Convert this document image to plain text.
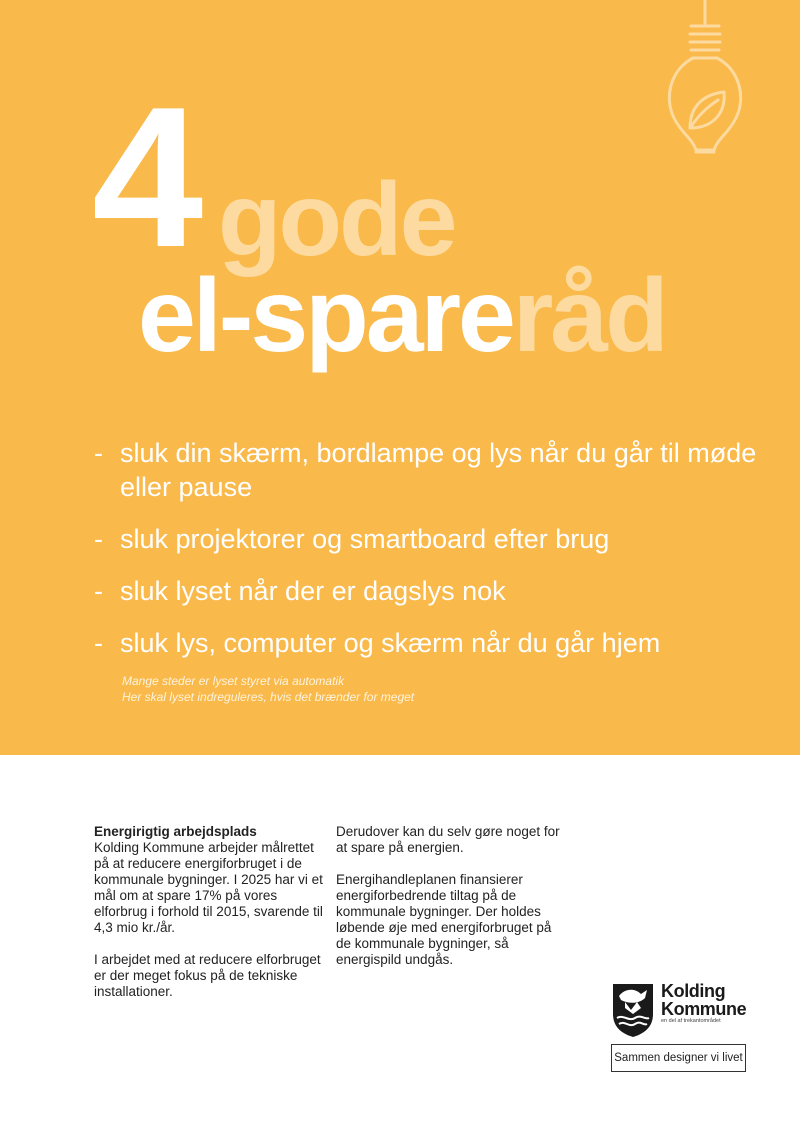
4 gode
el-spareråd
- sluk din skærm, bordlampe og lys når du går til møde eller pause
- sluk projektorer og smartboard efter brug
- sluk lyset når der er dagslys nok
- sluk lys, computer og skærm når du går hjem
Mange steder er lyset styret via automatik
Her skal lyset indreguleres, hvis det brænder for meget

Energirigtig arbejdsplads
Kolding Kommune arbejder målrettet på at reducere energiforbruget i de kommunale bygninger. I 2025 har vi et mål om at spare 17% på vores elforbrug i forhold til 2015, svarende til 4,3 mio kr./år.

I arbejdet med at reducere elforbruget er der meget fokus på de tekniske installationer.

Derudover kan du selv gøre noget for at spare på energien.

Energihandleplanen finansierer energiforbedrende tiltag på de kommunale bygninger. Der holdes løbende øje med energiforbruget på de kommunale bygninger, så energispild undgås.

Kolding
Kommune
en del af trekantområdet
Sammen designer vi livet
